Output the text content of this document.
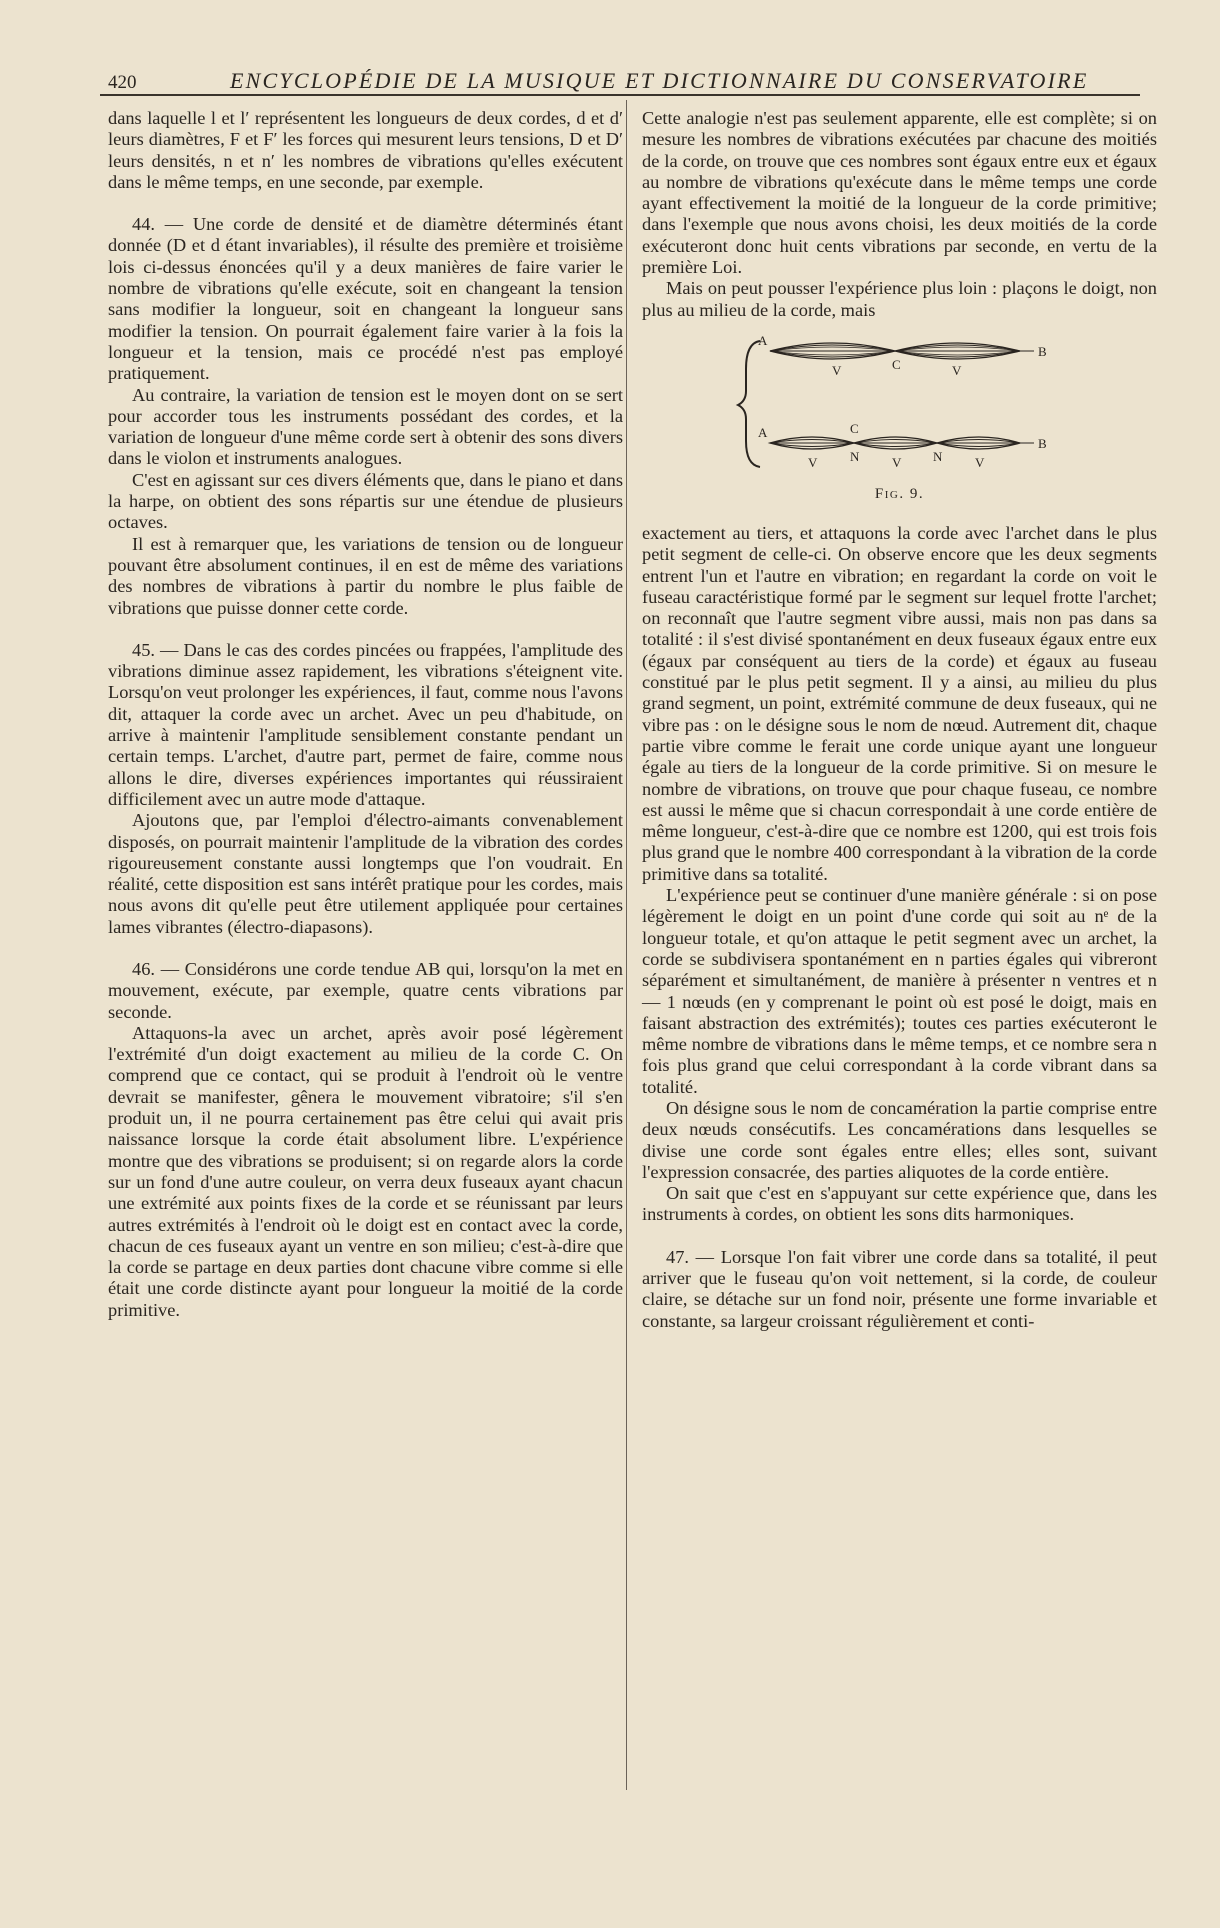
420	ENCYCLOPÉDIE DE LA MUSIQUE ET DICTIONNAIRE DU CONSERVATOIRE

dans laquelle l et l′ représentent les longueurs de deux cordes, d et d′ leurs diamètres, F et F′ les forces qui mesurent leurs tensions, D et D′ leurs densités, n et n′ les nombres de vibrations qu'elles exécutent dans le même temps, en une seconde, par exemple.

44. — Une corde de densité et de diamètre déterminés étant donnée (D et d étant invariables), il résulte des première et troisième lois ci-dessus énoncées qu'il y a deux manières de faire varier le nombre de vibrations qu'elle exécute, soit en changeant la tension sans modifier la longueur, soit en changeant la longueur sans modifier la tension. On pourrait également faire varier à la fois la longueur et la tension, mais ce procédé n'est pas employé pratiquement.

Au contraire, la variation de tension est le moyen dont on se sert pour accorder tous les instruments possédant des cordes, et la variation de longueur d'une même corde sert à obtenir des sons divers dans le violon et instruments analogues.

C'est en agissant sur ces divers éléments que, dans le piano et dans la harpe, on obtient des sons répartis sur une étendue de plusieurs octaves.

Il est à remarquer que, les variations de tension ou de longueur pouvant être absolument continues, il en est de même des variations des nombres de vibrations à partir du nombre le plus faible de vibrations que puisse donner cette corde.

45. — Dans le cas des cordes pincées ou frappées, l'amplitude des vibrations diminue assez rapidement, les vibrations s'éteignent vite. Lorsqu'on veut prolonger les expériences, il faut, comme nous l'avons dit, attaquer la corde avec un archet. Avec un peu d'habitude, on arrive à maintenir l'amplitude sensiblement constante pendant un certain temps. L'archet, d'autre part, permet de faire, comme nous allons le dire, diverses expériences importantes qui réussiraient difficilement avec un autre mode d'attaque.

Ajoutons que, par l'emploi d'électro-aimants convenablement disposés, on pourrait maintenir l'amplitude de la vibration des cordes rigoureusement constante aussi longtemps que l'on voudrait. En réalité, cette disposition est sans intérêt pratique pour les cordes, mais nous avons dit qu'elle peut être utilement appliquée pour certaines lames vibrantes (électro-diapasons).

46. — Considérons une corde tendue AB qui, lorsqu'on la met en mouvement, exécute, par exemple, quatre cents vibrations par seconde.

Attaquons-la avec un archet, après avoir posé légèrement l'extrémité d'un doigt exactement au milieu de la corde C. On comprend que ce contact, qui se produit à l'endroit où le ventre devrait se manifester, gênera le mouvement vibratoire; s'il s'en produit un, il ne pourra certainement pas être celui qui avait pris naissance lorsque la corde était absolument libre. L'expérience montre que des vibrations se produisent; si on regarde alors la corde sur un fond d'une autre couleur, on verra deux fuseaux ayant chacun une extrémité aux points fixes de la corde et se réunissant par leurs autres extrémités à l'endroit où le doigt est en contact avec la corde, chacun de ces fuseaux ayant un ventre en son milieu; c'est-à-dire que la corde se partage en deux parties dont chacune vibre comme si elle était une corde distincte ayant pour longueur la moitié de la corde primitive.

Cette analogie n'est pas seulement apparente, elle est complète; si on mesure les nombres de vibrations exécutées par chacune des moitiés de la corde, on trouve que ces nombres sont égaux entre eux et égaux au nombre de vibrations qu'exécute dans le même temps une corde ayant effectivement la moitié de la longueur de la corde primitive; dans l'exemple que nous avons choisi, les deux moitiés de la corde exécuteront donc huit cents vibrations par seconde, en vertu de la première Loi.

Mais on peut pousser l'expérience plus loin : plaçons le doigt, non plus au milieu de la corde, mais

A
B
V	C	V
A	C
B
V	N	V N	V
Fig. 9.

exactement au tiers, et attaquons la corde avec l'archet dans le plus petit segment de celle-ci. On observe encore que les deux segments entrent l'un et l'autre en vibration; en regardant la corde on voit le fuseau caractéristique formé par le segment sur lequel frotte l'archet; on reconnaît que l'autre segment vibre aussi, mais non pas dans sa totalité : il s'est divisé spontanément en deux fuseaux égaux entre eux (égaux par conséquent au tiers de la corde) et égaux au fuseau constitué par le plus petit segment. Il y a ainsi, au milieu du plus grand segment, un point, extrémité commune de deux fuseaux, qui ne vibre pas : on le désigne sous le nom de nœud. Autrement dit, chaque partie vibre comme le ferait une corde unique ayant une longueur égale au tiers de la longueur de la corde primitive. Si on mesure le nombre de vibrations, on trouve que pour chaque fuseau, ce nombre est aussi le même que si chacun correspondait à une corde entière de même longueur, c'est-à-dire que ce nombre est 1200, qui est trois fois plus grand que le nombre 400 correspondant à la vibration de la corde primitive dans sa totalité.

L'expérience peut se continuer d'une manière générale : si on pose légèrement le doigt en un point d'une corde qui soit au nᵉ de la longueur totale, et qu'on attaque le petit segment avec un archet, la corde se subdivisera spontanément en n parties égales qui vibreront séparément et simultanément, de manière à présenter n ventres et n — 1 nœuds (en y comprenant le point où est posé le doigt, mais en faisant abstraction des extrémités); toutes ces parties exécuteront le même nombre de vibrations dans le même temps, et ce nombre sera n fois plus grand que celui correspondant à la corde vibrant dans sa totalité.

On désigne sous le nom de concamération la partie comprise entre deux nœuds consécutifs. Les concamérations dans lesquelles se divise une corde sont égales entre elles; elles sont, suivant l'expression consacrée, des parties aliquotes de la corde entière.

On sait que c'est en s'appuyant sur cette expérience que, dans les instruments à cordes, on obtient les sons dits harmoniques.

47. — Lorsque l'on fait vibrer une corde dans sa totalité, il peut arriver que le fuseau qu'on voit nettement, si la corde, de couleur claire, se détache sur un fond noir, présente une forme invariable et constante, sa largeur croissant régulièrement et conti-
